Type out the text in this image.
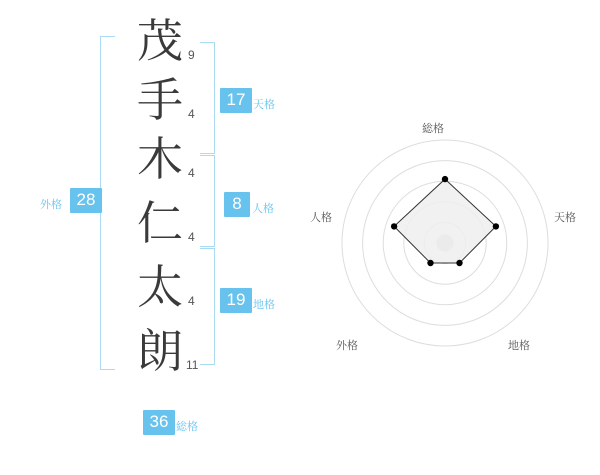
茂 9
手 4
木 4
仁 4
太 4
朗 11
外格 28
17 天格
8 人格
19 地格
36 総格
総格
天格
地格
外格
人格
